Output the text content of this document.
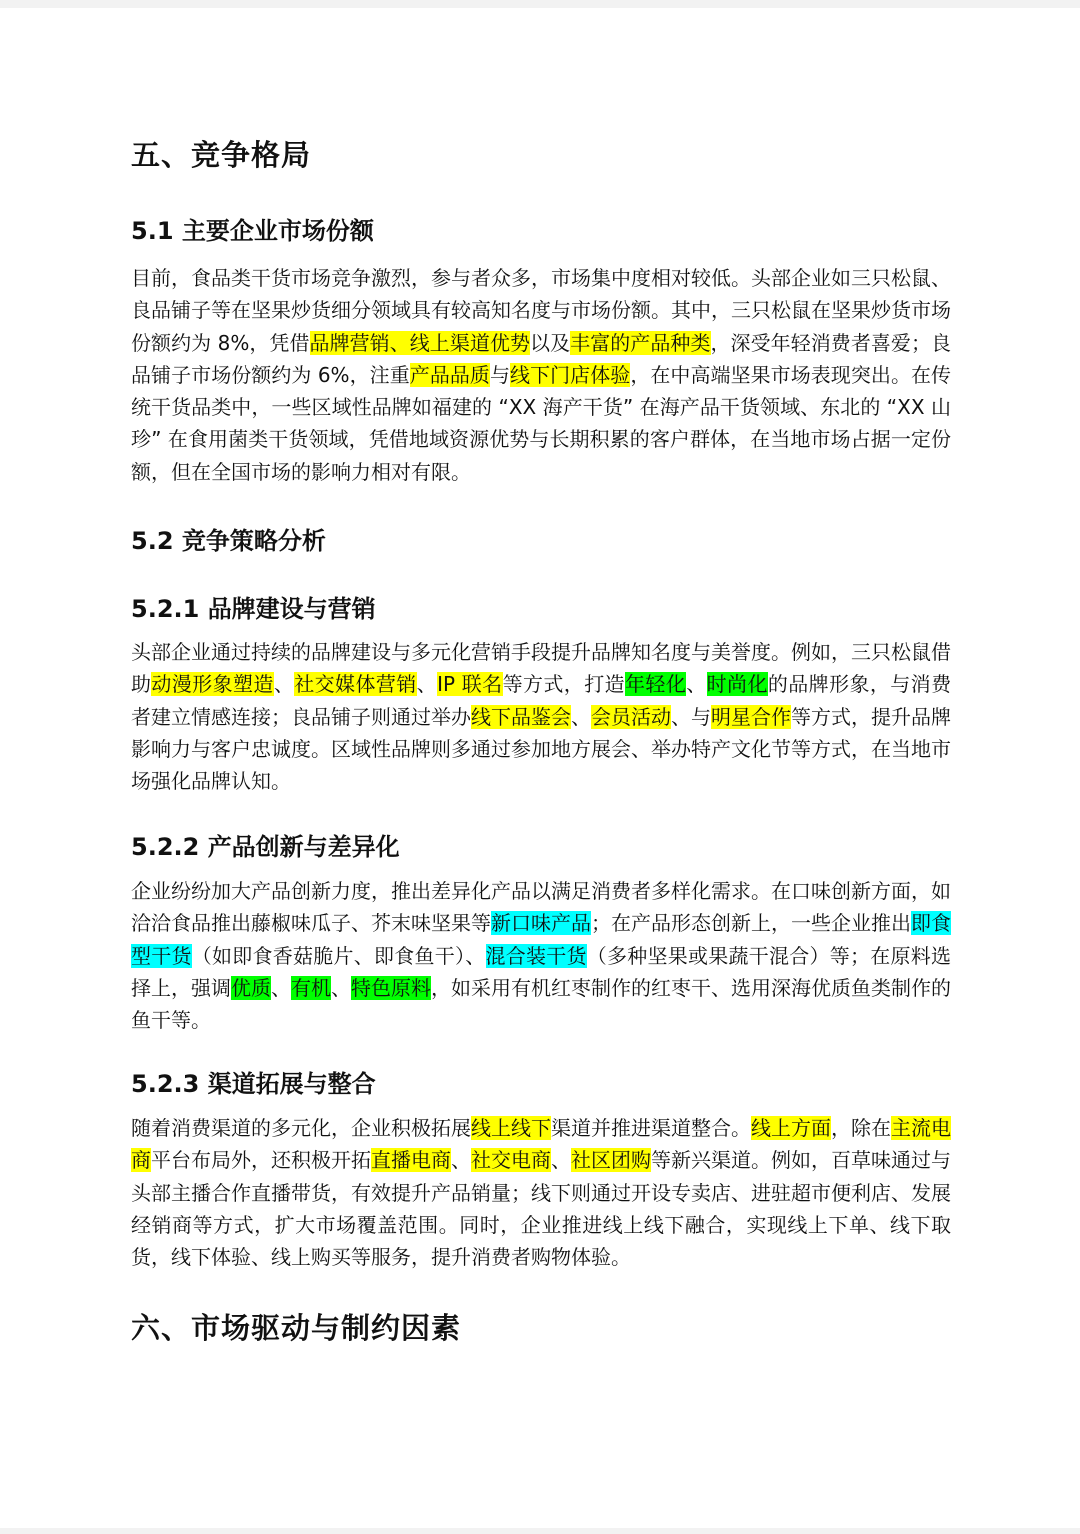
五、竞争格局
5.1 主要企业市场份额

目前，食品类干货市场竞争激烈，参与者众多，市场集中度相对较低。头部企业如三只松鼠、良品铺子等在坚果炒货细分领域具有较高知名度与市场份额。其中，三只松鼠在坚果炒货市场份额约为 8%，凭借品牌营销、线上渠道优势以及丰富的产品种类，深受年轻消费者喜爱；良品铺子市场份额约为 6%，注重产品品质与线下门店体验，在中高端坚果市场表现突出。在传统干货品类中，一些区域性品牌如福建的 “XX 海产干货” 在海产品干货领域、东北的 “XX 山珍” 在食用菌类干货领域，凭借地域资源优势与长期积累的客户群体，在当地市场占据一定份额，但在全国市场的影响力相对有限。

5.2 竞争策略分析
5.2.1 品牌建设与营销

头部企业通过持续的品牌建设与多元化营销手段提升品牌知名度与美誉度。例如，三只松鼠借助动漫形象塑造、社交媒体营销、IP 联名等方式，打造年轻化、时尚化的品牌形象，与消费者建立情感连接；良品铺子则通过举办线下品鉴会、会员活动、与明星合作等方式，提升品牌影响力与客户忠诚度。区域性品牌则多通过参加地方展会、举办特产文化节等方式，在当地市场强化品牌认知。

5.2.2 产品创新与差异化

企业纷纷加大产品创新力度，推出差异化产品以满足消费者多样化需求。在口味创新方面，如洽洽食品推出藤椒味瓜子、芥末味坚果等新口味产品；在产品形态创新上，一些企业推出即食型干货（如即食香菇脆片、即食鱼干）、混合装干货（多种坚果或果蔬干混合）等；在原料选择上，强调优质、有机、特色原料，如采用有机红枣制作的红枣干、选用深海优质鱼类制作的鱼干等。

5.2.3 渠道拓展与整合

随着消费渠道的多元化，企业积极拓展线上线下渠道并推进渠道整合。线上方面，除在主流电商平台布局外，还积极开拓直播电商、社交电商、社区团购等新兴渠道。例如，百草味通过与头部主播合作直播带货，有效提升产品销量；线下则通过开设专卖店、进驻超市便利店、发展经销商等方式，扩大市场覆盖范围。同时，企业推进线上线下融合，实现线上下单、线下取货，线下体验、线上购买等服务，提升消费者购物体验。

六、市场驱动与制约因素
